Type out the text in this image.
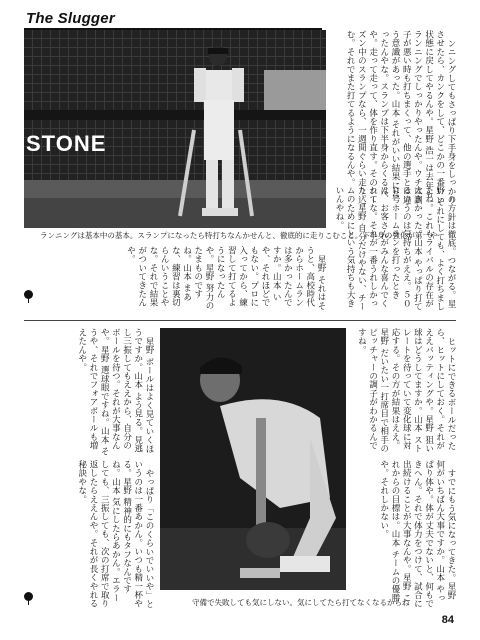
The Slugger
STONE
ランニングは基本中の基本。スランプになったら特打ちなんかせんと、徹底的に走りこむこと。下半身の強化が第一や

ンニングしてもさっぱり下手身をしっかりさせたら、カンクをして、どこかの一番いい状態に戻してやるんや。星野 浩一は去年もランニングでしっかりやったんや。ウチは調子が悪い時も打ちまくって、他の選手とは違う意識があった。山本 それがいい結果になったんやな。スランプは下半身からくるんや。走って走って、体を作り直す。そのシーズン中のスランプなら、一週間ぐらい走り込む。それでまた打てるようになるんや。

の方針は徹底。つながる。星野 それにしても、よく打ちましたね。これもライバルの存在が大きかった。山本 やっぱり打てるいうのは気持ちがええ。５００号ホームランを打ったときは、お客さんがみんな喜んでくれてな。それが一番うれしかった。星野 自分だけやない、チームのためにという気持ちも大きいんやね。

星野 それはそうと、高校時代からホームランは多かったんですか。山本 いや、それほどでもない。プロに入ってから、練習して打てるようになったんや。星野 努力のたまものですね。山本 まあな、練習は裏切らんいうことやな。それで結果がついてきたんや。

守備で失敗しても気にしない。気にしてたら打てなくなるからね

ヒットにできるボールだったら、ヒットにしておく。それがええバッティングや。星野 狙い球はどうしてますか。山本 ストレートを待っていて変化球に対応する。その方が結果はええ。星野 だいたい一打席目で相手のピッチャーの調子がわかるんですね。

すでにもう気になってきた。星野 何がいちばん大事ですか。山本 やっぱり体や。体が丈夫でないと、何もできへん。それで体力をつけて、試合に出続けることが大事なんや。星野 これからの目標は。山本 チームの優勝や。それしかない。

星野 ボールはよく見ていくほうですか。山本 よう見る。見逃し三振してもええから、自分のボールを待つ。それが大事なんや。星野 選球眼ですね。山本 そうや、それでフォアボールも増えたんや。

やっぱり「このくらいでいいや」というのは一番あかん。いつも精一杯やる。星野 精神的にもタフなんですね。山本 気にしたらあかん。エラーしても、三振しても、次の打席で取り返したらええんや。それが長くやれる秘訣やな。

84
